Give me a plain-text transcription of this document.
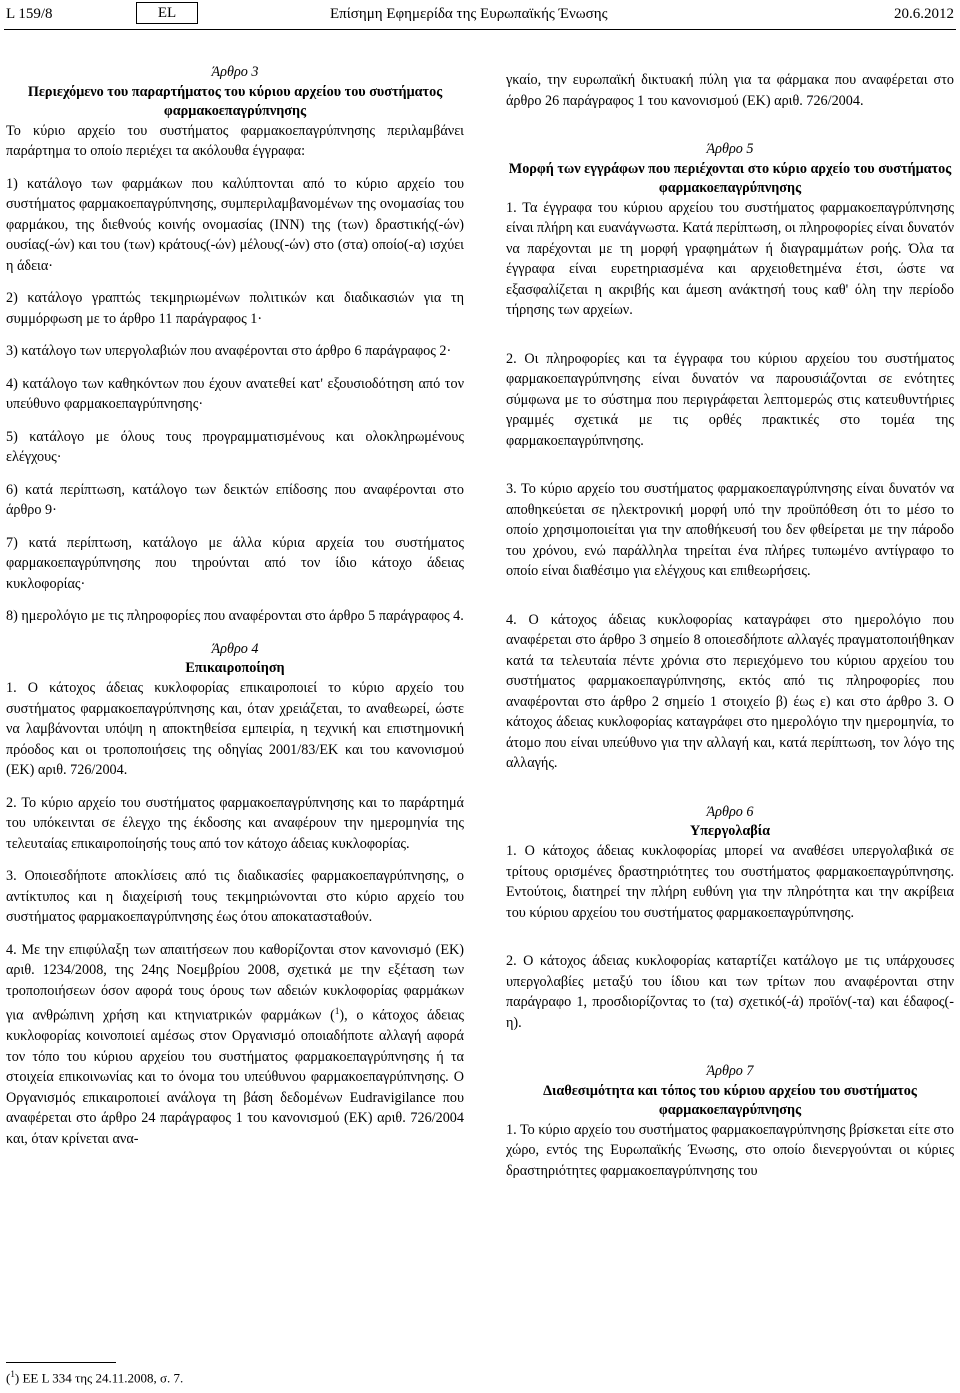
L 159/8	EL	Επίσημη Εφημερίδα της Ευρωπαϊκής Ένωσης	20.6.2012

Άρθρο 3

Περιεχόμενο του παραρτήματος του κύριου αρχείου του συστήματος φαρμακοεπαγρύπνησης

Το κύριο αρχείο του συστήματος φαρμακοεπαγρύπνησης περιλαμβάνει παράρτημα το οποίο περιέχει τα ακόλουθα έγγραφα:

1) κατάλογο των φαρμάκων που καλύπτονται από το κύριο αρχείο του συστήματος φαρμακοεπαγρύπνησης, συμπεριλαμβανομένων της ονομασίας του φαρμάκου, της διεθνούς κοινής ονομασίας (INN) της (των) δραστικής(-ών) ουσίας(-ών) και του (των) κράτους(-ών) μέλους(-ών) στο (στα) οποίο(-α) ισχύει η άδεια·

2) κατάλογο γραπτώς τεκμηριωμένων πολιτικών και διαδικασιών για τη συμμόρφωση με το άρθρο 11 παράγραφος 1·

3) κατάλογο των υπεργολαβιών που αναφέρονται στο άρθρο 6 παράγραφος 2·

4) κατάλογο των καθηκόντων που έχουν ανατεθεί κατ' εξουσιοδότηση από τον υπεύθυνο φαρμακοεπαγρύπνησης·

5) κατάλογο με όλους τους προγραμματισμένους και ολοκληρωμένους ελέγχους·

6) κατά περίπτωση, κατάλογο των δεικτών επίδοσης που αναφέρονται στο άρθρο 9·

7) κατά περίπτωση, κατάλογο με άλλα κύρια αρχεία του συστήματος φαρμακοεπαγρύπνησης που τηρούνται από τον ίδιο κάτοχο άδειας κυκλοφορίας·

8) ημερολόγιο με τις πληροφορίες που αναφέρονται στο άρθρο 5 παράγραφος 4.

Άρθρο 4

Επικαιροποίηση

1. Ο κάτοχος άδειας κυκλοφορίας επικαιροποιεί το κύριο αρχείο του συστήματος φαρμακοεπαγρύπνησης και, όταν χρειάζεται, το αναθεωρεί, ώστε να λαμβάνονται υπόψη η αποκτηθείσα εμπειρία, η τεχνική και επιστημονική πρόοδος και οι τροποποιήσεις της οδηγίας 2001/83/ΕΚ και του κανονισμού (ΕΚ) αριθ. 726/2004.

2. Το κύριο αρχείο του συστήματος φαρμακοεπαγρύπνησης και το παράρτημά του υπόκεινται σε έλεγχο της έκδοσης και αναφέρουν την ημερομηνία της τελευταίας επικαιροποίησής τους από τον κάτοχο άδειας κυκλοφορίας.

3. Οποιεσδήποτε αποκλίσεις από τις διαδικασίες φαρμακοεπαγρύπνησης, ο αντίκτυπος και η διαχείρισή τους τεκμηριώνονται στο κύριο αρχείο του συστήματος φαρμακοεπαγρύπνησης έως ότου αποκατασταθούν.

4. Με την επιφύλαξη των απαιτήσεων που καθορίζονται στον κανονισμό (ΕΚ) αριθ. 1234/2008, της 24ης Νοεμβρίου 2008, σχετικά με την εξέταση των τροποποιήσεων όσον αφορά τους όρους των αδειών κυκλοφορίας φαρμάκων για ανθρώπινη χρήση και κτηνιατρικών φαρμάκων ($^1$), ο κάτοχος άδειας κυκλοφορίας κοινοποιεί αμέσως στον Οργανισμό οποιαδήποτε αλλαγή αφορά τον τόπο του κύριου αρχείου του συστήματος φαρμακοεπαγρύπνησης ή τα στοιχεία επικοινωνίας και το όνομα του υπεύθυνου φαρμακοεπαγρύπνησης. Ο Οργανισμός επικαιροποιεί ανάλογα τη βάση δεδομένων Eudravigilance που αναφέρεται στο άρθρο 24 παράγραφος 1 του κανονισμού (ΕΚ) αριθ. 726/2004 και, όταν κρίνεται ανα-

γκαίο, την ευρωπαϊκή δικτυακή πύλη για τα φάρμακα που αναφέρεται στο άρθρο 26 παράγραφος 1 του κανονισμού (ΕΚ) αριθ. 726/2004.

Άρθρο 5

Μορφή των εγγράφων που περιέχονται στο κύριο αρχείο του συστήματος φαρμακοεπαγρύπνησης

1. Τα έγγραφα του κύριου αρχείου του συστήματος φαρμακοεπαγρύπνησης είναι πλήρη και ευανάγνωστα. Κατά περίπτωση, οι πληροφορίες είναι δυνατόν να παρέχονται με τη μορφή γραφημάτων ή διαγραμμάτων ροής. Όλα τα έγγραφα είναι ευρετηριασμένα και αρχειοθετημένα έτσι, ώστε να εξασφαλίζεται η ακριβής και άμεση ανάκτησή τους καθ' όλη την περίοδο τήρησης των αρχείων.

2. Οι πληροφορίες και τα έγγραφα του κύριου αρχείου του συστήματος φαρμακοεπαγρύπνησης είναι δυνατόν να παρουσιάζονται σε ενότητες σύμφωνα με το σύστημα που περιγράφεται λεπτομερώς στις κατευθυντήριες γραμμές σχετικά με τις ορθές πρακτικές στο τομέα της φαρμακοεπαγρύπνησης.

3. Το κύριο αρχείο του συστήματος φαρμακοεπαγρύπνησης είναι δυνατόν να αποθηκεύεται σε ηλεκτρονική μορφή υπό την προϋπόθεση ότι το μέσο το οποίο χρησιμοποιείται για την αποθήκευσή του δεν φθείρεται με την πάροδο του χρόνου, ενώ παράλληλα τηρείται ένα πλήρες τυπωμένο αντίγραφο το οποίο είναι διαθέσιμο για ελέγχους και επιθεωρήσεις.

4. Ο κάτοχος άδειας κυκλοφορίας καταγράφει στο ημερολόγιο που αναφέρεται στο άρθρο 3 σημείο 8 οποιεσδήποτε αλλαγές πραγματοποιήθηκαν κατά τα τελευταία πέντε χρόνια στο περιεχόμενο του κύριου αρχείου του συστήματος φαρμακοεπαγρύπνησης, εκτός από τις πληροφορίες που αναφέρονται στο άρθρο 2 σημείο 1 στοιχείο β) έως ε) και στο άρθρο 3. Ο κάτοχος άδειας κυκλοφορίας καταγράφει στο ημερολόγιο την ημερομηνία, το άτομο που είναι υπεύθυνο για την αλλαγή και, κατά περίπτωση, τον λόγο της αλλαγής.

Άρθρο 6

Υπεργολαβία

1. Ο κάτοχος άδειας κυκλοφορίας μπορεί να αναθέσει υπεργολαβικά σε τρίτους ορισμένες δραστηριότητες του συστήματος φαρμακοεπαγρύπνησης. Εντούτοις, διατηρεί την πλήρη ευθύνη για την πληρότητα και την ακρίβεια του κύριου αρχείου του συστήματος φαρμακοεπαγρύπνησης.

2. Ο κάτοχος άδειας κυκλοφορίας καταρτίζει κατάλογο με τις υπάρχουσες υπεργολαβίες μεταξύ του ίδιου και των τρίτων που αναφέρονται στην παράγραφο 1, προσδιορίζοντας το (τα) σχετικό(-ά) προϊόν(-τα) και έδαφος(-η).

Άρθρο 7

Διαθεσιμότητα και τόπος του κύριου αρχείου του συστήματος φαρμακοεπαγρύπνησης

1. Το κύριο αρχείο του συστήματος φαρμακοεπαγρύπνησης βρίσκεται είτε στο χώρο, εντός της Ευρωπαϊκής Ένωσης, στο οποίο διενεργούνται οι κύριες δραστηριότητες φαρμακοεπαγρύπνησης του

($^1$) ΕΕ L 334 της 24.11.2008, σ. 7.
